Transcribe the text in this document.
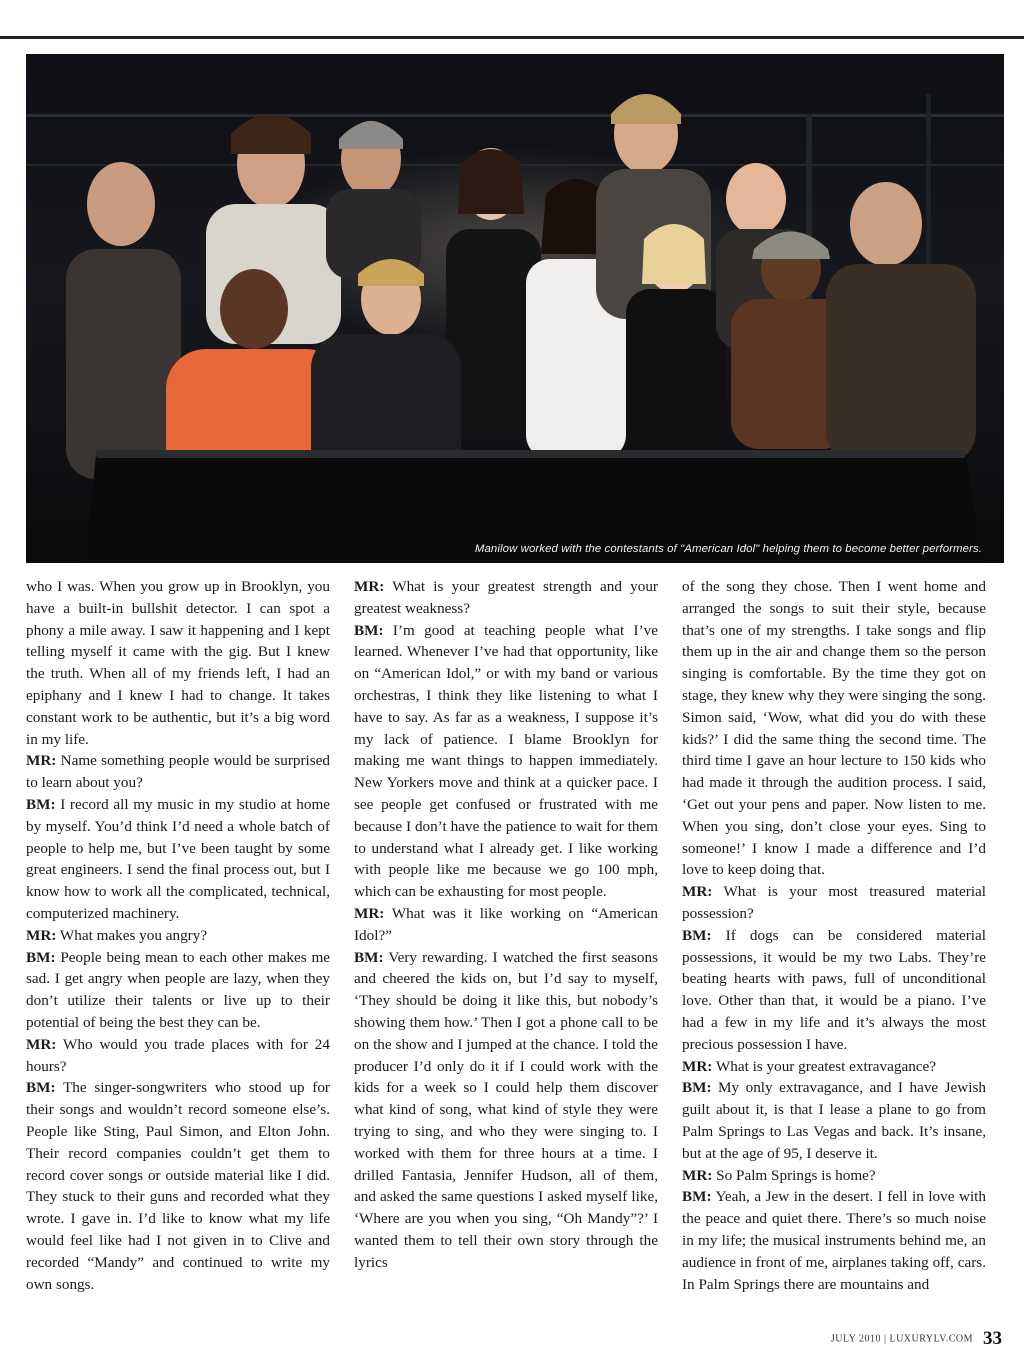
Manilow worked with the contestants of "American Idol" helping them to become better performers.

who I was. When you grow up in Brooklyn, you have a built-in bullshit detector. I can spot a phony a mile away. I saw it happening and I kept telling myself it came with the gig. But I knew the truth. When all of my friends left, I had an epiphany and I knew I had to change. It takes constant work to be authentic, but it’s a big word in my life.

MR: Name something people would be surprised to learn about you?

BM: I record all my music in my studio at home by myself. You’d think I’d need a whole batch of people to help me, but I’ve been taught by some great engineers. I send the final process out, but I know how to work all the complicated, technical, computerized machinery.

MR: What makes you angry?

BM: People being mean to each other makes me sad. I get angry when people are lazy, when they don’t utilize their talents or live up to their potential of being the best they can be.

MR: Who would you trade places with for 24 hours?

BM: The singer-songwriters who stood up for their songs and wouldn’t record someone else’s. People like Sting, Paul Simon, and Elton John. Their record companies couldn’t get them to record cover songs or outside material like I did. They stuck to their guns and recorded what they wrote. I gave in. I’d like to know what my life would feel like had I not given in to Clive and recorded “Mandy” and continued to write my own songs.

MR: What is your greatest strength and your greatest weakness?

BM: I’m good at teaching people what I’ve learned. Whenever I’ve had that opportunity, like on “American Idol,” or with my band or various orchestras, I think they like listening to what I have to say. As far as a weakness, I suppose it’s my lack of patience. I blame Brooklyn for making me want things to happen immediately. New Yorkers move and think at a quicker pace. I see people get confused or frustrated with me because I don’t have the patience to wait for them to understand what I already get. I like working with people like me because we go 100 mph, which can be exhausting for most people.

MR: What was it like working on “American Idol?”

BM: Very rewarding. I watched the first seasons and cheered the kids on, but I’d say to myself, ‘They should be doing it like this, but nobody’s showing them how.’ Then I got a phone call to be on the show and I jumped at the chance. I told the producer I’d only do it if I could work with the kids for a week so I could help them discover what kind of song, what kind of style they were trying to sing, and who they were singing to. I worked with them for three hours at a time. I drilled Fantasia, Jennifer Hudson, all of them, and asked the same questions I asked myself like, ‘Where are you when you sing, “Oh Mandy”?’ I wanted them to tell their own story through the lyrics

of the song they chose. Then I went home and arranged the songs to suit their style, because that’s one of my strengths. I take songs and flip them up in the air and change them so the person singing is comfortable. By the time they got on stage, they knew why they were singing the song. Simon said, ‘Wow, what did you do with these kids?’ I did the same thing the second time. The third time I gave an hour lecture to 150 kids who had made it through the audition process. I said, ‘Get out your pens and paper. Now listen to me. When you sing, don’t close your eyes. Sing to someone!’ I know I made a difference and I’d love to keep doing that.

MR: What is your most treasured material possession?

BM: If dogs can be considered material possessions, it would be my two Labs. They’re beating hearts with paws, full of unconditional love. Other than that, it would be a piano. I’ve had a few in my life and it’s always the most precious possession I have.

MR: What is your greatest extravagance?

BM: My only extravagance, and I have Jewish guilt about it, is that I lease a plane to go from Palm Springs to Las Vegas and back. It’s insane, but at the age of 95, I deserve it.

MR: So Palm Springs is home?

BM: Yeah, a Jew in the desert. I fell in love with the peace and quiet there. There’s so much noise in my life; the musical instruments behind me, an audience in front of me, airplanes taking off, cars. In Palm Springs there are mountains and

JULY 2010 | LUXURYLV.COM 33
